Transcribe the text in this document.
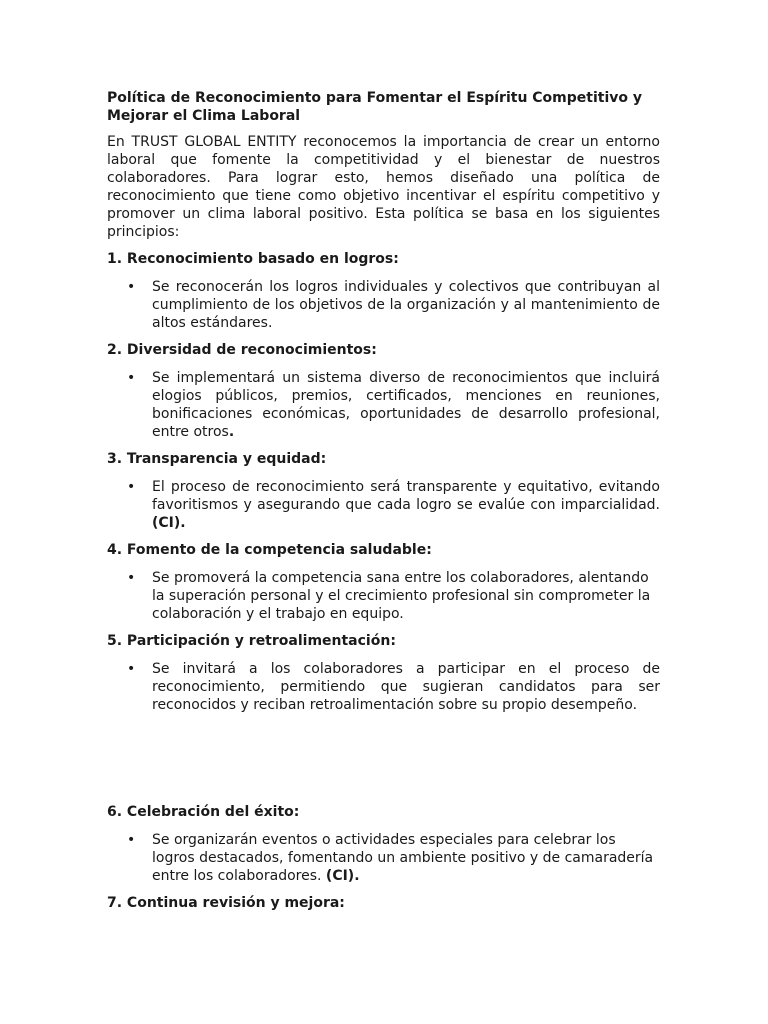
Política de Reconocimiento para Fomentar el Espíritu Competitivo y Mejorar el Clima Laboral

En TRUST GLOBAL ENTITY reconocemos la importancia de crear un entorno laboral que fomente la competitividad y el bienestar de nuestros colaboradores. Para lograr esto, hemos diseñado una política de reconocimiento que tiene como objetivo incentivar el espíritu competitivo y promover un clima laboral positivo. Esta política se basa en los siguientes principios:

1. Reconocimiento basado en logros:

• Se reconocerán los logros individuales y colectivos que contribuyan al cumplimiento de los objetivos de la organización y al mantenimiento de altos estándares.

2. Diversidad de reconocimientos:

• Se implementará un sistema diverso de reconocimientos que incluirá elogios públicos, premios, certificados, menciones en reuniones, bonificaciones económicas, oportunidades de desarrollo profesional, entre otros.

3. Transparencia y equidad:

• El proceso de reconocimiento será transparente y equitativo, evitando favoritismos y asegurando que cada logro se evalúe con imparcialidad. (CI).

4. Fomento de la competencia saludable:

• Se promoverá la competencia sana entre los colaboradores, alentando la superación personal y el crecimiento profesional sin comprometer la colaboración y el trabajo en equipo.

5. Participación y retroalimentación:

• Se invitará a los colaboradores a participar en el proceso de reconocimiento, permitiendo que sugieran candidatos para ser reconocidos y reciban retroalimentación sobre su propio desempeño.

6. Celebración del éxito:

• Se organizarán eventos o actividades especiales para celebrar los logros destacados, fomentando un ambiente positivo y de camaradería entre los colaboradores. (CI).

7. Continua revisión y mejora:
